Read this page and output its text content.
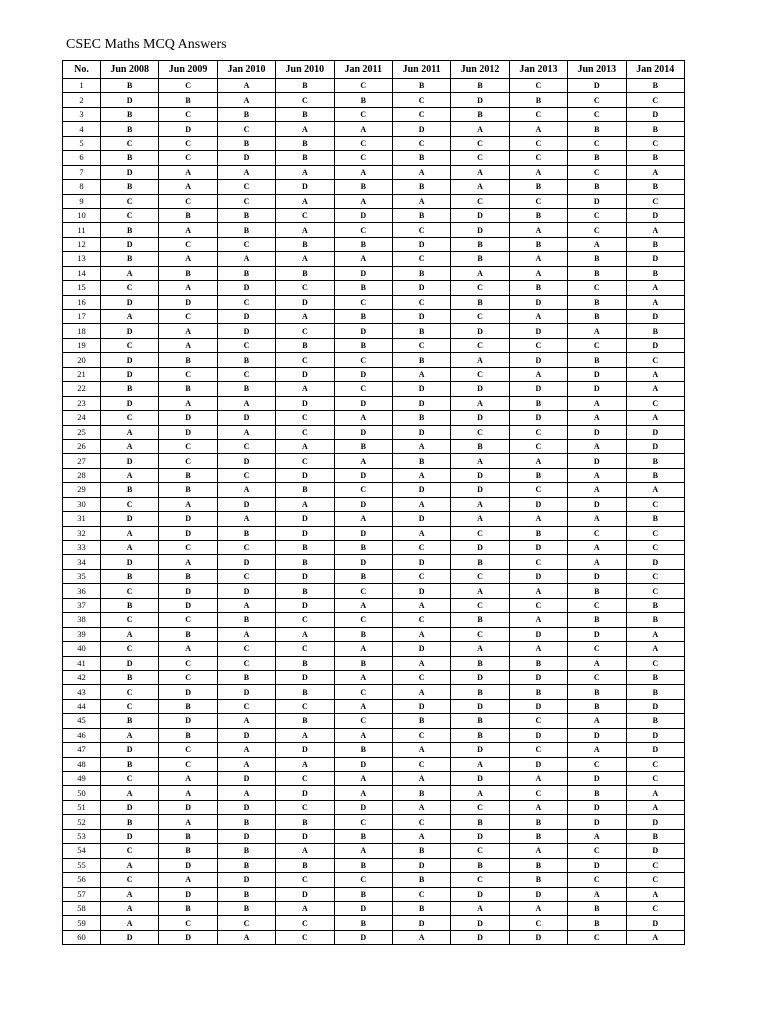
CSEC Maths MCQ Answers
No.	Jun 2008	Jun 2009	Jan 2010	Jun 2010	Jan 2011	Jun 2011	Jun 2012	Jan 2013	Jun 2013	Jan 2014
1	B	C	A	B	C	B	B	C	D	B
2	D	B	A	C	B	C	D	B	C	C
3	B	C	B	B	C	C	B	C	C	D
4	B	D	C	A	A	D	A	A	B	B
5	C	C	B	B	C	C	C	C	C	C
6	B	C	D	B	C	B	C	C	B	B
7	D	A	A	A	A	A	A	A	C	A
8	B	A	C	D	B	B	A	B	B	B
9	C	C	C	A	A	A	C	C	D	C
10	C	B	B	C	D	B	D	B	C	D
11	B	A	B	A	C	C	D	A	C	A
12	D	C	C	B	B	D	B	B	A	B
13	B	A	A	A	A	C	B	A	B	D
14	A	B	B	B	D	B	A	A	B	B
15	C	A	D	C	B	D	C	B	C	A
16	D	D	C	D	C	C	B	D	B	A
17	A	C	D	A	B	D	C	A	B	D
18	D	A	D	C	D	B	D	D	A	B
19	C	A	C	B	B	C	C	C	C	D
20	D	B	B	C	C	B	A	D	B	C
21	D	C	C	D	D	A	C	A	D	A
22	B	B	B	A	C	D	D	D	D	A
23	D	A	A	D	D	D	A	B	A	C
24	C	D	D	C	A	B	D	D	A	A
25	A	D	A	C	D	D	C	C	D	D
26	A	C	C	A	B	A	B	C	A	D
27	D	C	D	C	A	B	A	A	D	B
28	A	B	C	D	D	A	D	B	A	B
29	B	B	A	B	C	D	D	C	A	A
30	C	A	D	A	D	A	A	D	D	C
31	D	D	A	D	A	D	A	A	A	B
32	A	D	B	D	D	A	C	B	C	C
33	A	C	C	B	B	C	D	D	A	C
34	D	A	D	B	D	D	B	C	A	D
35	B	B	C	D	B	C	C	D	D	C
36	C	D	D	B	C	D	A	A	B	C
37	B	D	A	D	A	A	C	C	C	B
38	C	C	B	C	C	C	B	A	B	B
39	A	B	A	A	B	A	C	D	D	A
40	C	A	C	C	A	D	A	A	C	A
41	D	C	C	B	B	A	B	B	A	C
42	B	C	B	D	A	C	D	D	C	B
43	C	D	D	B	C	A	B	B	B	B
44	C	B	C	C	A	D	D	D	B	D
45	B	D	A	B	C	B	B	C	A	B
46	A	B	D	A	A	C	B	D	D	D
47	D	C	A	D	B	A	D	C	A	D
48	B	C	A	A	D	C	A	D	C	C
49	C	A	D	C	A	A	D	A	D	C
50	A	A	A	D	A	B	A	C	B	A
51	D	D	D	C	D	A	C	A	D	A
52	B	A	B	B	C	C	B	B	D	D
53	D	B	D	D	B	A	D	B	A	B
54	C	B	B	A	A	B	C	A	C	D
55	A	D	B	B	B	D	B	B	D	C
56	C	A	D	C	C	B	C	B	C	C
57	A	D	B	D	B	C	D	D	A	A
58	A	B	B	A	D	B	A	A	B	C
59	A	C	C	C	B	D	D	C	B	D
60	D	D	A	C	D	A	D	D	C	A
